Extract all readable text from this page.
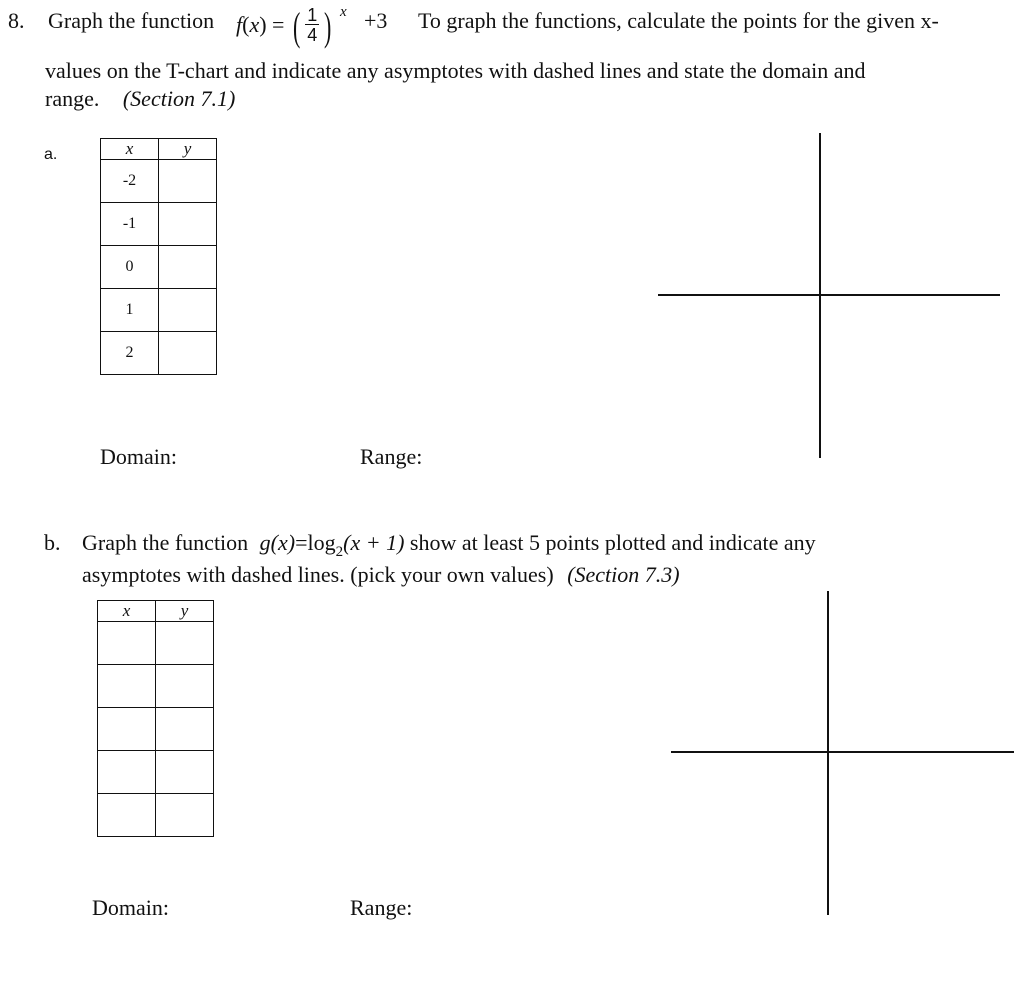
8. Graph the function f(x) = ( $\frac{1}{4}$ ) x +3 To graph the functions, calculate the points for the given x-
values on the T-chart and indicate any asymptotes with dashed lines and state the domain and
range. (Section 7.1)
a.	x	y
-2	
-1	
0	
1	
2	
Domain:	Range:
b. Graph the function $g(x)=\log_2(x + 1)$ show at least 5 points plotted and indicate any
asymptotes with dashed lines. (pick your own values) (Section 7.3)
x	y

Domain:	Range:
